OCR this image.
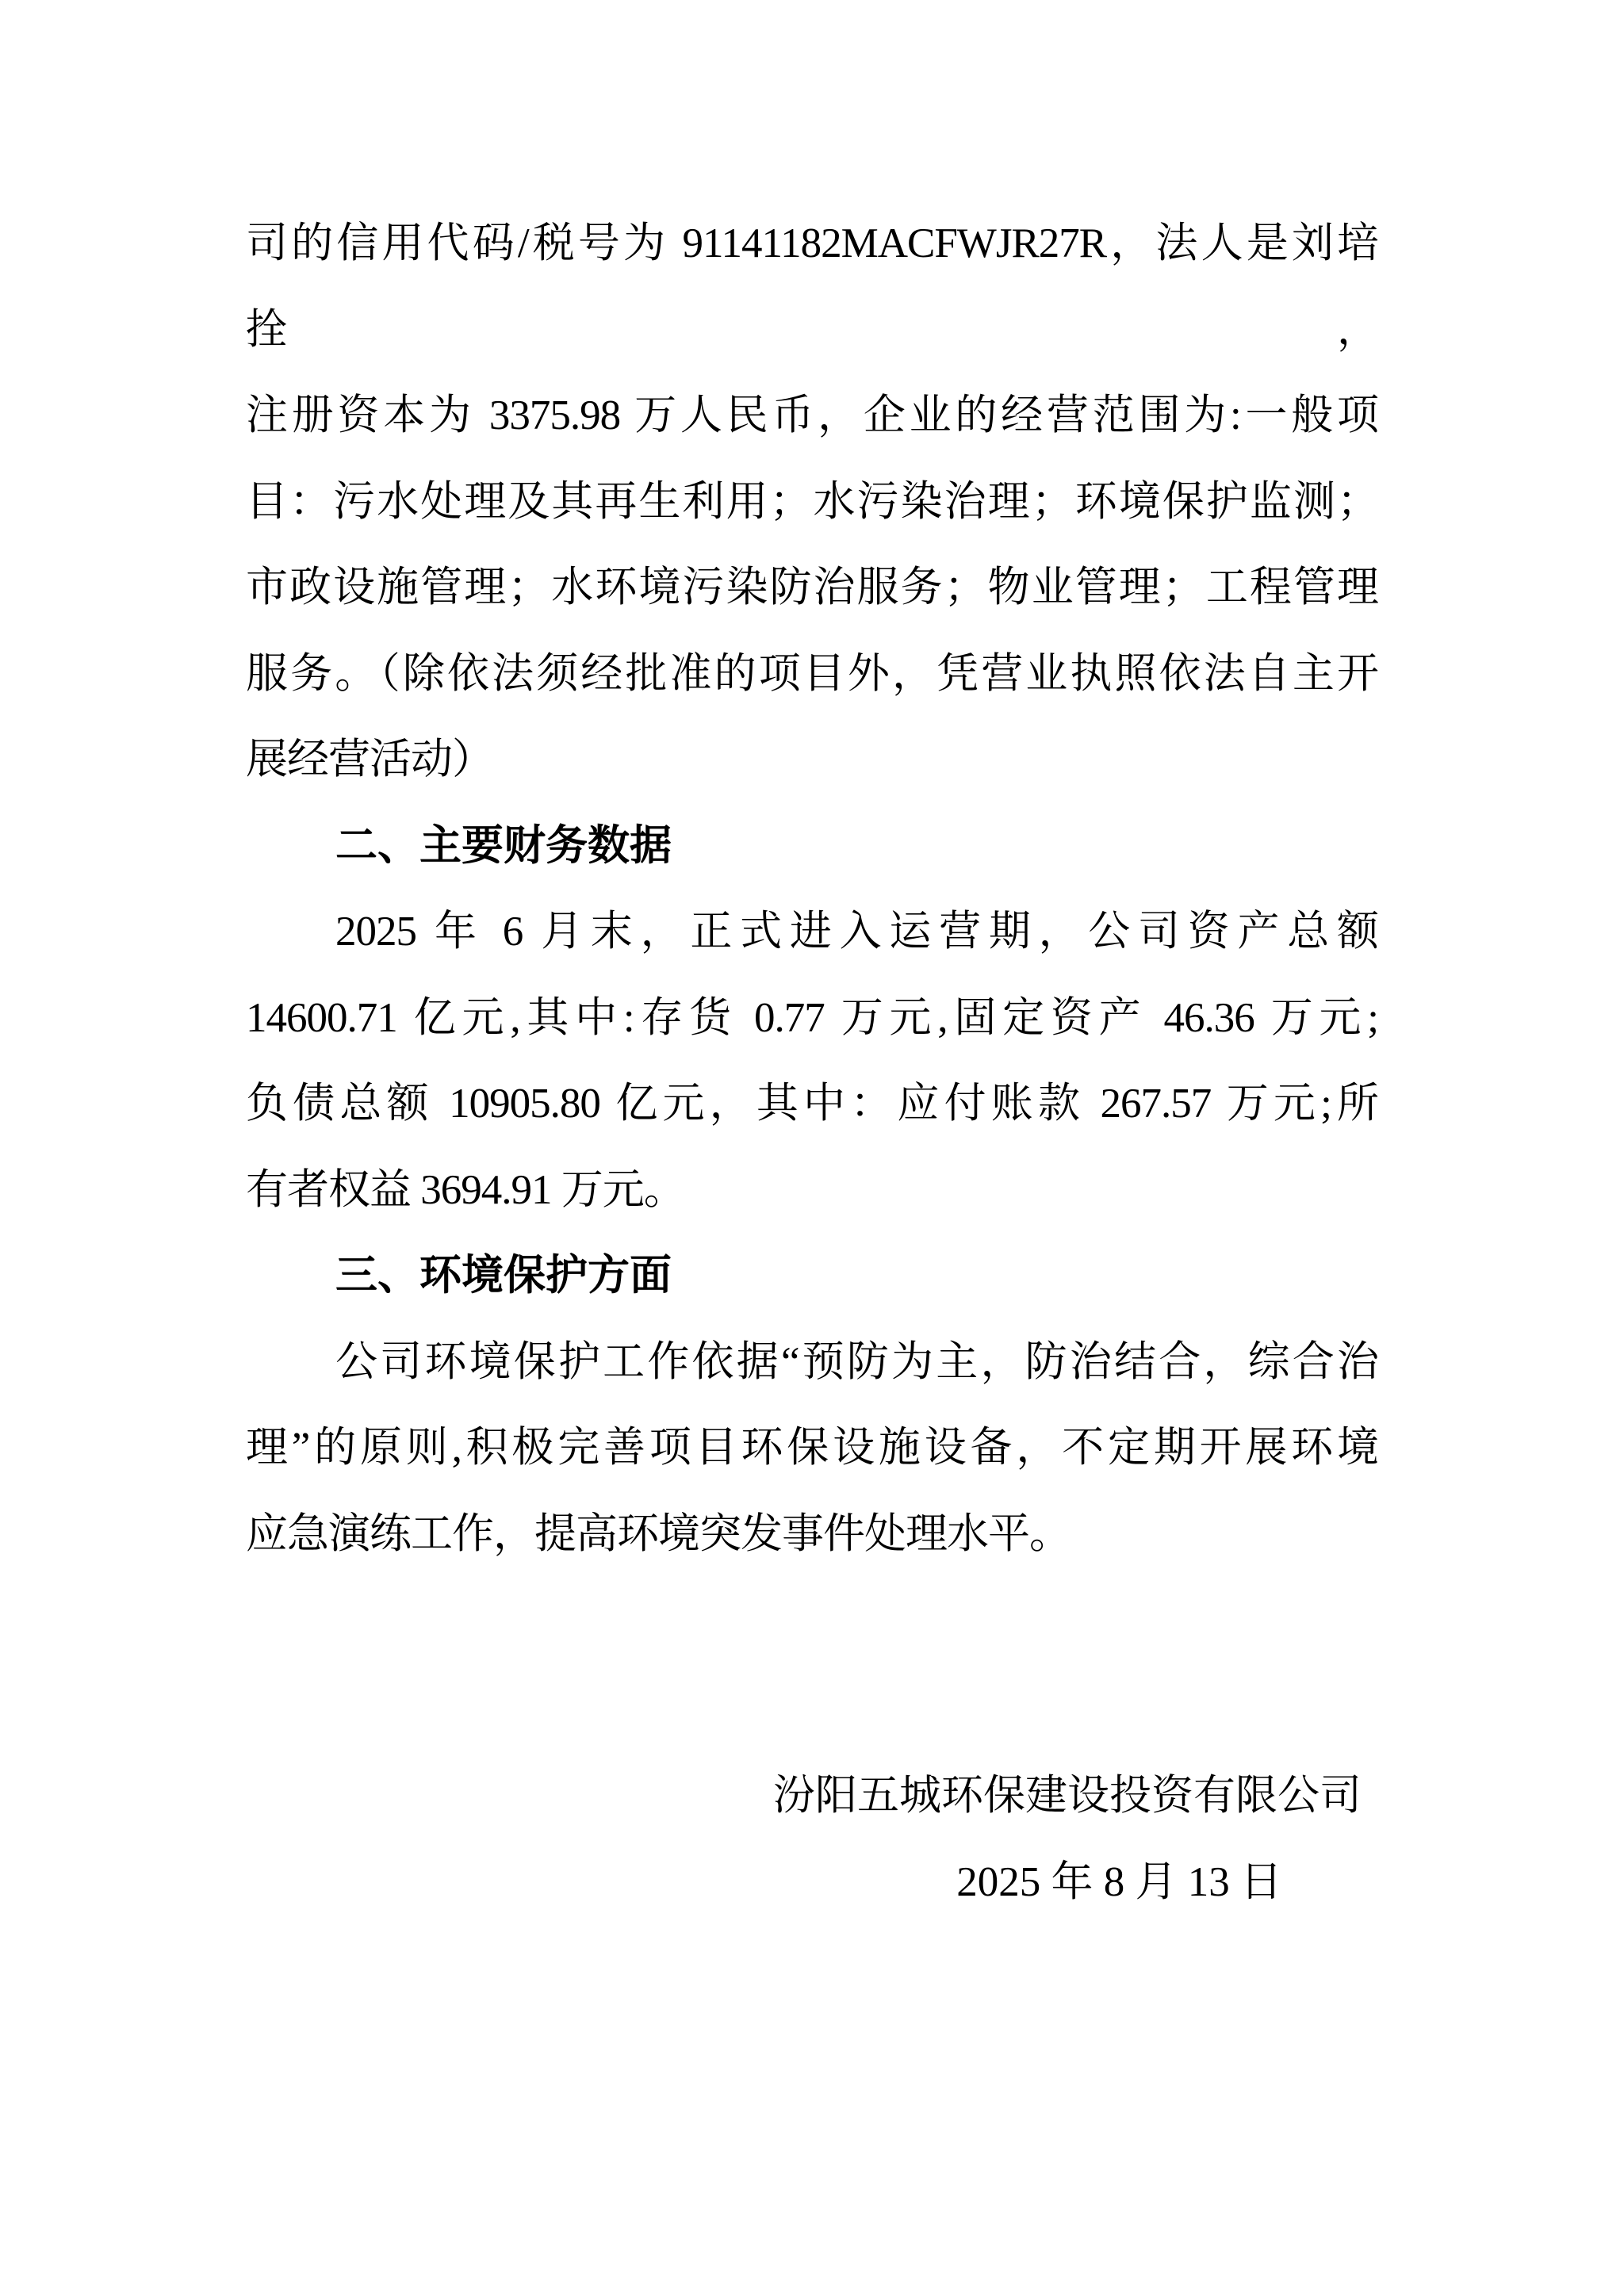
司的信用代码/税号为 91141182MACFWJR27R，法人是刘培拴，
注册资本为 3375.98 万人民币，企业的经营范围为:一般项
目：污水处理及其再生利用；水污染治理；环境保护监测；
市政设施管理；水环境污染防治服务；物业管理；工程管理
服务。（除依法须经批准的项目外，凭营业执照依法自主开
展经营活动）
二、主要财务数据
2025 年 6 月末，正式进入运营期，公司资产总额
14600.71 亿元,其中:存货 0.77 万元,固定资产 46.36 万元;
负债总额 10905.80 亿元，其中：应付账款 267.57 万元;所
有者权益 3694.91 万元。
三、环境保护方面
公司环境保护工作依据“预防为主，防治结合，综合治
理”的原则,积极完善项目环保设施设备，不定期开展环境
应急演练工作，提高环境突发事件处理水平。
汾阳五城环保建设投资有限公司
2025 年 8 月 13 日
